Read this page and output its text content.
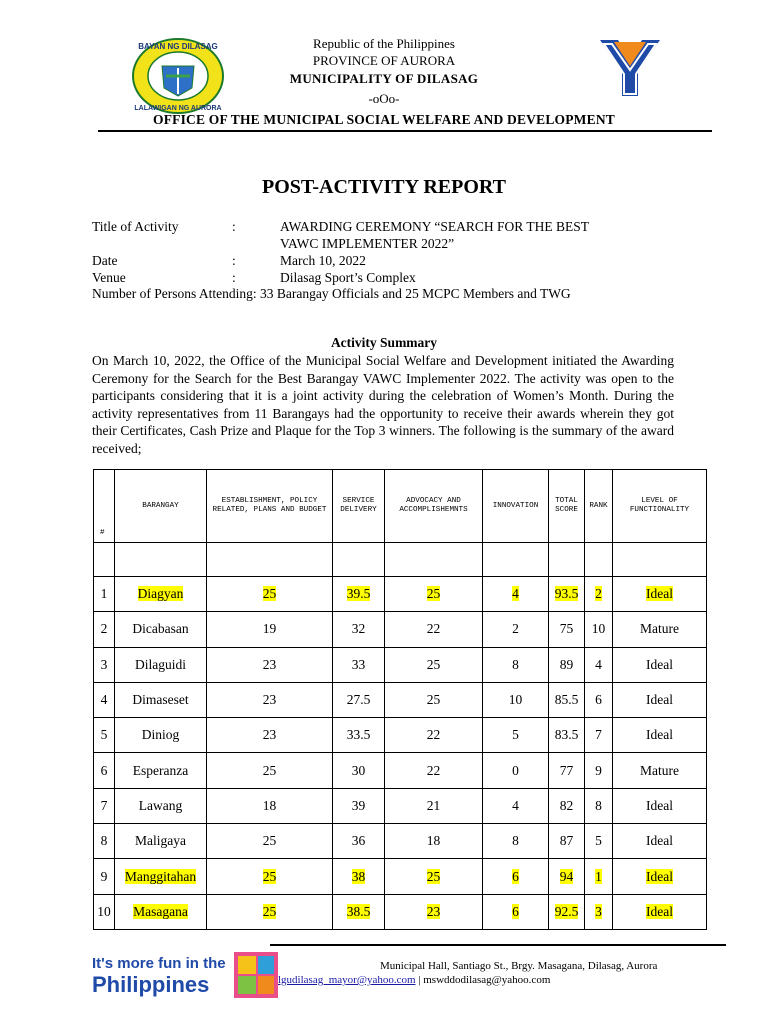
BAYAN NG DILASAG
LALAWIGAN NG AURORA
Republic of the Philippines
PROVINCE OF AURORA
MUNICIPALITY OF DILASAG
-oOo-
OFFICE OF THE MUNICIPAL SOCIAL WELFARE AND DEVELOPMENT
POST-ACTIVITY REPORT
Title of Activity	:	AWARDING CEREMONY “SEARCH FOR THE BEST
VAWC IMPLEMENTER 2022”
Date	:	March 10, 2022
Venue	:	Dilasag Sport’s Complex
Number of Persons Attending: 33 Barangay Officials and 25 MCPC Members and TWG
Activity Summary
On March 10, 2022, the Office of the Municipal Social Welfare and Development initiated the Awarding Ceremony for the Search for the Best Barangay VAWC Implementer 2022. The activity was open to the participants considering that it is a joint activity during the celebration of Women’s Month. During the activity representatives from 11 Barangays had the opportunity to receive their awards wherein they got their Certificates, Cash Prize and Plaque for the Top 3 winners. The following is the summary of the award received;
#	BARANGAY	ESTABLISHMENT, POLICY RELATED, PLANS AND BUDGET	SERVICE DELIVERY	ADVOCACY AND ACCOMPLISHEMNTS	INNOVATION	TOTAL SCORE	RANK	LEVEL OF FUNCTIONALITY

1	Diagyan	25	39.5	25	4	93.5	2	Ideal
2	Dicabasan	19	32	22	2	75	10	Mature
3	Dilaguidi	23	33	25	8	89	4	Ideal
4	Dimaseset	23	27.5	25	10	85.5	6	Ideal
5	Diniog	23	33.5	22	5	83.5	7	Ideal
6	Esperanza	25	30	22	0	77	9	Mature
7	Lawang	18	39	21	4	82	8	Ideal
8	Maligaya	25	36	18	8	87	5	Ideal
9	Manggitahan	25	38	25	6	94	1	Ideal
10	Masagana	25	38.5	23	6	92.5	3	Ideal
It's more fun in the
Philippines
Municipal Hall, Santiago St., Brgy. Masagana, Dilasag, Aurora
lgudilasag_mayor@yahoo.com | mswddodilasag@yahoo.com
